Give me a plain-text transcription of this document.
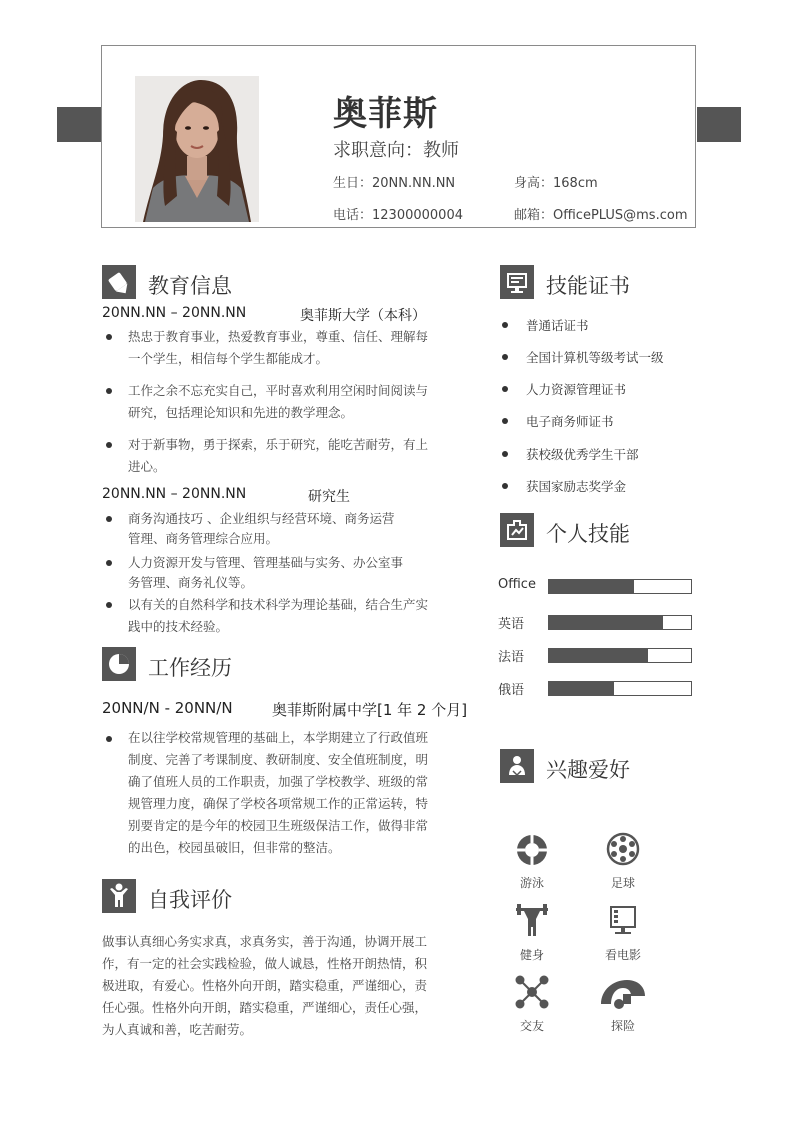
奥菲斯
求职意向：教师
生日：20NN.NN.NN	身高：168cm
电话：12300000004	邮箱：OfficePLUS@ms.com
教育信息
20NN.NN – 20NN.NN	奥菲斯大学（本科）
热忠于教育事业，热爱教育事业，尊重、信任、理解每
一个学生，相信每个学生都能成才。
工作之余不忘充实自己，平时喜欢利用空闲时间阅读与
研究，包括理论知识和先进的教学理念。
对于新事物，勇于探索，乐于研究，能吃苦耐劳，有上
进心。
20NN.NN – 20NN.NN	研究生
商务沟通技巧 、企业组织与经营环境、商务运营
管理、商务管理综合应用。
人力资源开发与管理、管理基础与实务、办公室事
务管理、商务礼仪等。
以有关的自然科学和技术科学为理论基础，结合生产实
践中的技术经验。
工作经历
20NN/N - 20NN/N	奥菲斯附属中学[1 年 2 个月]
在以往学校常规管理的基础上，本学期建立了行政值班
制度、完善了考课制度、教研制度、安全值班制度，明
确了值班人员的工作职责，加强了学校教学、班级的常
规管理力度，确保了学校各项常规工作的正常运转，特
别要肯定的是今年的校园卫生班级保洁工作，做得非常
的出色，校园虽破旧，但非常的整洁。
自我评价
做事认真细心务实求真，求真务实，善于沟通，协调开展工
作，有一定的社会实践检验，做人诚恳，性格开朗热情，积
极进取，有爱心。性格外向开朗，踏实稳重，严谨细心，责
任心强。性格外向开朗，踏实稳重，严谨细心，责任心强，
为人真诚和善，吃苦耐劳。
技能证书
普通话证书
全国计算机等级考试一级
人力资源管理证书
电子商务师证书
获校级优秀学生干部
获国家励志奖学金
个人技能
Office
英语
法语
俄语
兴趣爱好
游泳	足球
健身	看电影
交友	探险
